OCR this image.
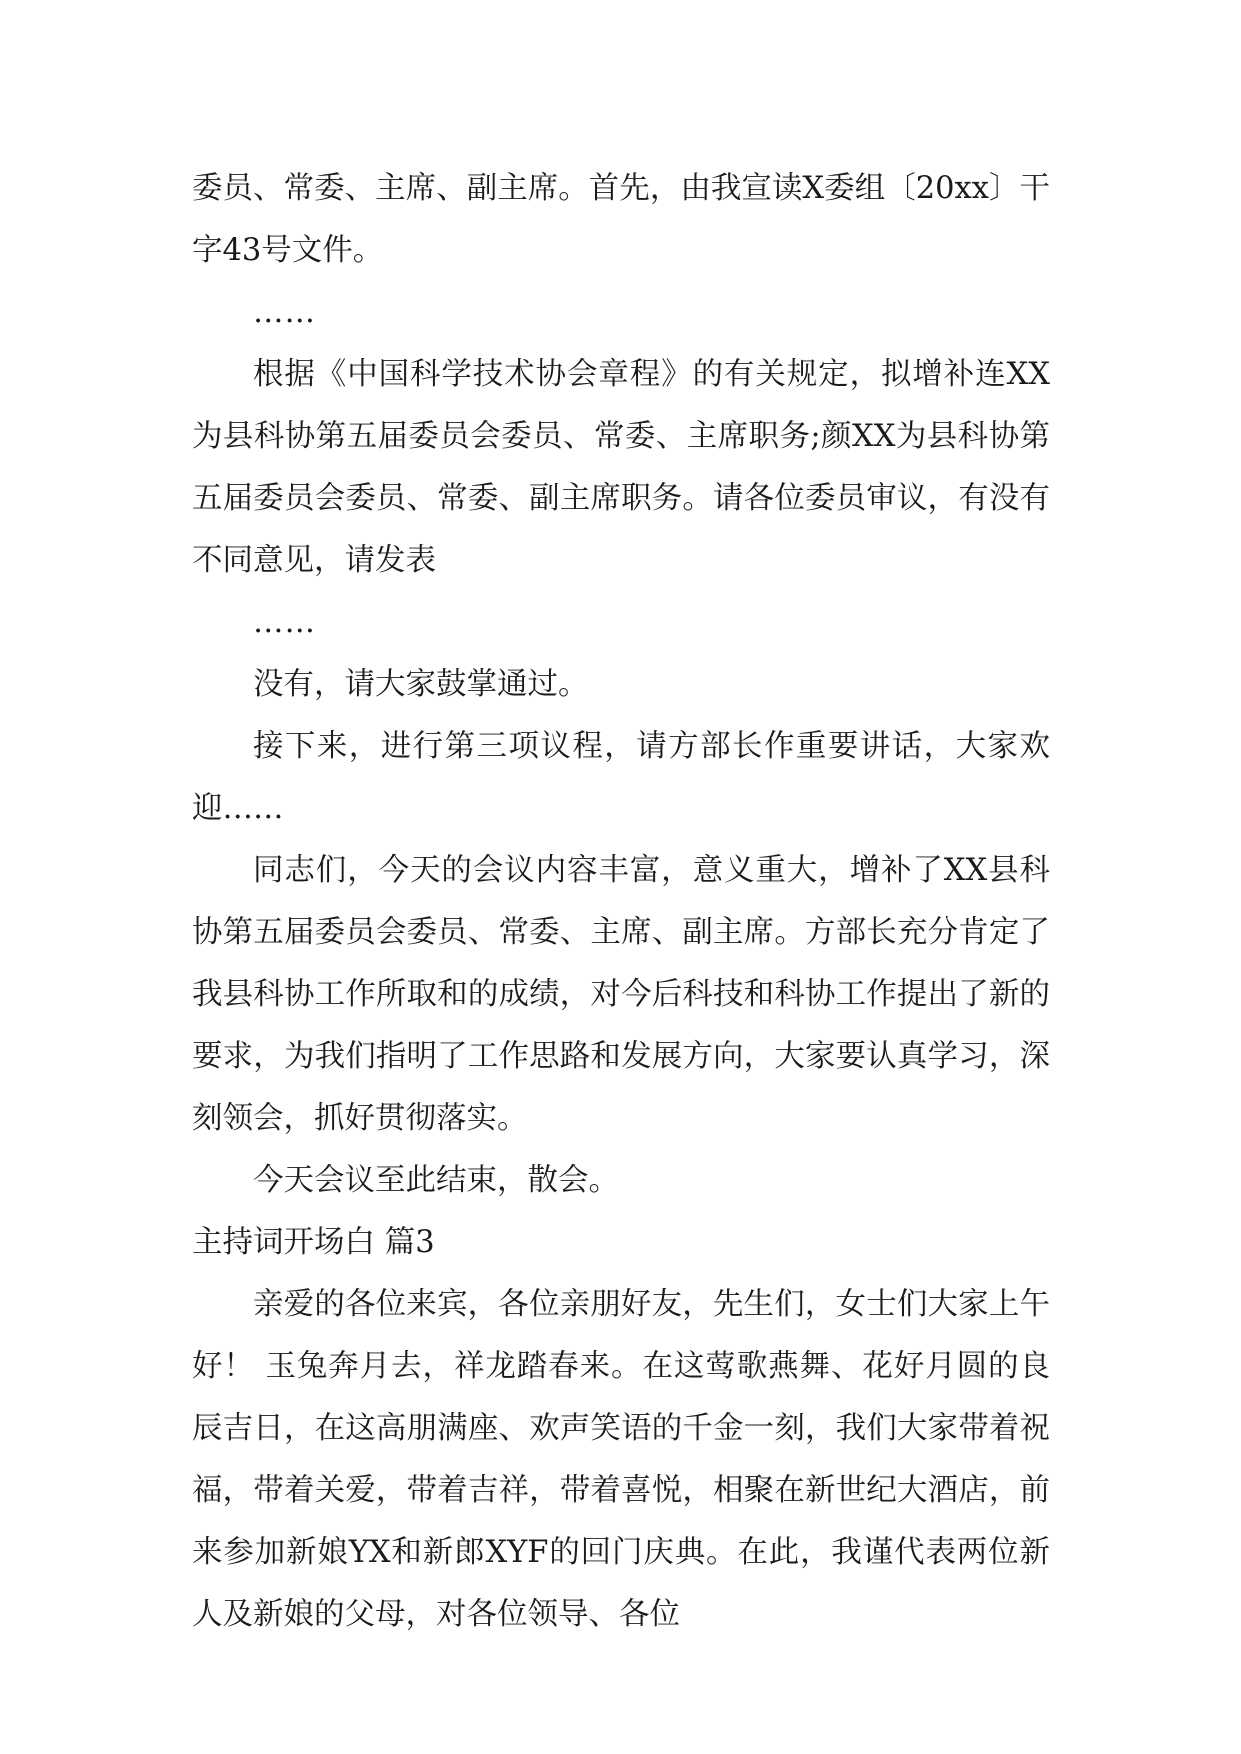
委员、常委、主席、副主席。首先，由我宣读X委组〔20xx〕干字43号文件。

……

根据《中国科学技术协会章程》的有关规定，拟增补连XX为县科协第五届委员会委员、常委、主席职务;颜XX为县科协第五届委员会委员、常委、副主席职务。请各位委员审议，有没有不同意见，请发表

……

没有，请大家鼓掌通过。

接下来，进行第三项议程，请方部长作重要讲话，大家欢迎……

同志们，今天的会议内容丰富，意义重大，增补了XX县科协第五届委员会委员、常委、主席、副主席。方部长充分肯定了我县科协工作所取和的成绩，对今后科技和科协工作提出了新的要求，为我们指明了工作思路和发展方向，大家要认真学习，深刻领会，抓好贯彻落实。

今天会议至此结束，散会。

主持词开场白 篇3

亲爱的各位来宾，各位亲朋好友，先生们，女士们大家上午好！ 玉兔奔月去，祥龙踏春来。在这莺歌燕舞、花好月圆的良辰吉日，在这高朋满座、欢声笑语的千金一刻，我们大家带着祝福，带着关爱，带着吉祥，带着喜悦，相聚在新世纪大酒店，前来参加新娘YX和新郎XYF的回门庆典。在此，我谨代表两位新人及新娘的父母，对各位领导、各位
